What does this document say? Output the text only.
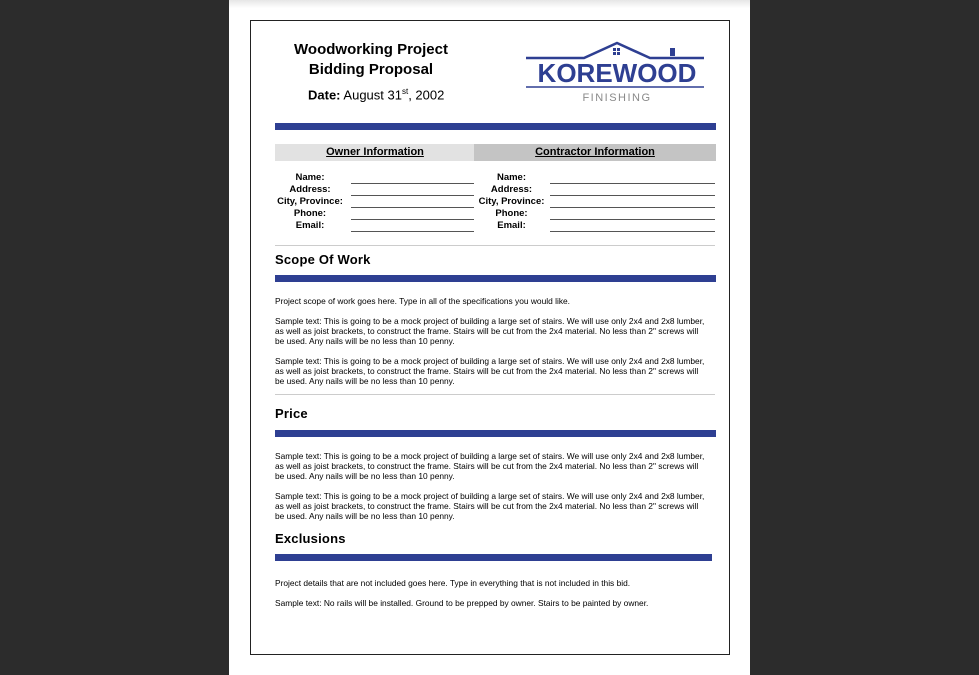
Woodworking Project
Bidding Proposal
Date: August 31st, 2002
KOREWOOD
FINISHING
Owner Information	Contractor Information
Name:
Address:
City, Province:
Phone:
Email:
Name:
Address:
City, Province:
Phone:
Email:
Scope Of Work
Project scope of work goes here. Type in all of the specifications you would like.
Sample text: This is going to be a mock project of building a large set of stairs. We will use only 2x4 and 2x8 lumber, as well as joist brackets, to construct the frame. Stairs will be cut from the 2x4 material. No less than 2" screws will be used. Any nails will be no less than 10 penny.
Sample text: This is going to be a mock project of building a large set of stairs. We will use only 2x4 and 2x8 lumber, as well as joist brackets, to construct the frame. Stairs will be cut from the 2x4 material. No less than 2" screws will be used. Any nails will be no less than 10 penny.
Price
Sample text: This is going to be a mock project of building a large set of stairs. We will use only 2x4 and 2x8 lumber, as well as joist brackets, to construct the frame. Stairs will be cut from the 2x4 material. No less than 2" screws will be used. Any nails will be no less than 10 penny.
Sample text: This is going to be a mock project of building a large set of stairs. We will use only 2x4 and 2x8 lumber, as well as joist brackets, to construct the frame. Stairs will be cut from the 2x4 material. No less than 2" screws will be used. Any nails will be no less than 10 penny.
Exclusions
Project details that are not included goes here. Type in everything that is not included in this bid.
Sample text: No rails will be installed. Ground to be prepped by owner. Stairs to be painted by owner.
